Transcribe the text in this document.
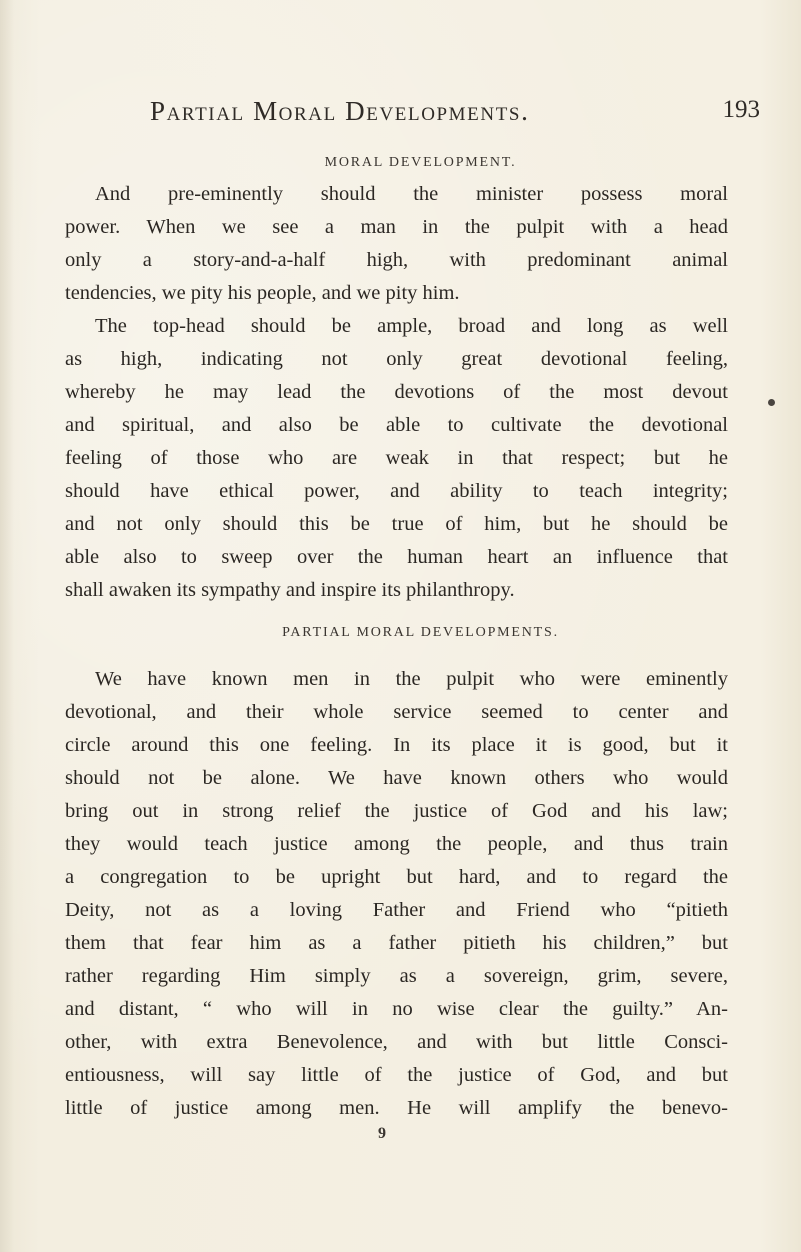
Partial Moral Developments.	193
MORAL DEVELOPMENT.
And pre-eminently should the minister possess moral
power. When we see a man in the pulpit with a head
only a story-and-a-half high, with predominant animal
tendencies, we pity his people, and we pity him.
The top-head should be ample, broad and long as well
as high, indicating not only great devotional feeling,
whereby he may lead the devotions of the most devout
and spiritual, and also be able to cultivate the devotional
feeling of those who are weak in that respect; but he
should have ethical power, and ability to teach integrity;
and not only should this be true of him, but he should be
able also to sweep over the human heart an influence that
shall awaken its sympathy and inspire its philanthropy.
PARTIAL MORAL DEVELOPMENTS.
We have known men in the pulpit who were eminently
devotional, and their whole service seemed to center and
circle around this one feeling. In its place it is good, but it
should not be alone. We have known others who would
bring out in strong relief the justice of God and his law;
they would teach justice among the people, and thus train
a congregation to be upright but hard, and to regard the
Deity, not as a loving Father and Friend who “pitieth
them that fear him as a father pitieth his children,” but
rather regarding Him simply as a sovereign, grim, severe,
and distant, “ who will in no wise clear the guilty.” An-
other, with extra Benevolence, and with but little Consci-
entiousness, will say little of the justice of God, and but
little of justice among men. He will amplify the benevo-
9
